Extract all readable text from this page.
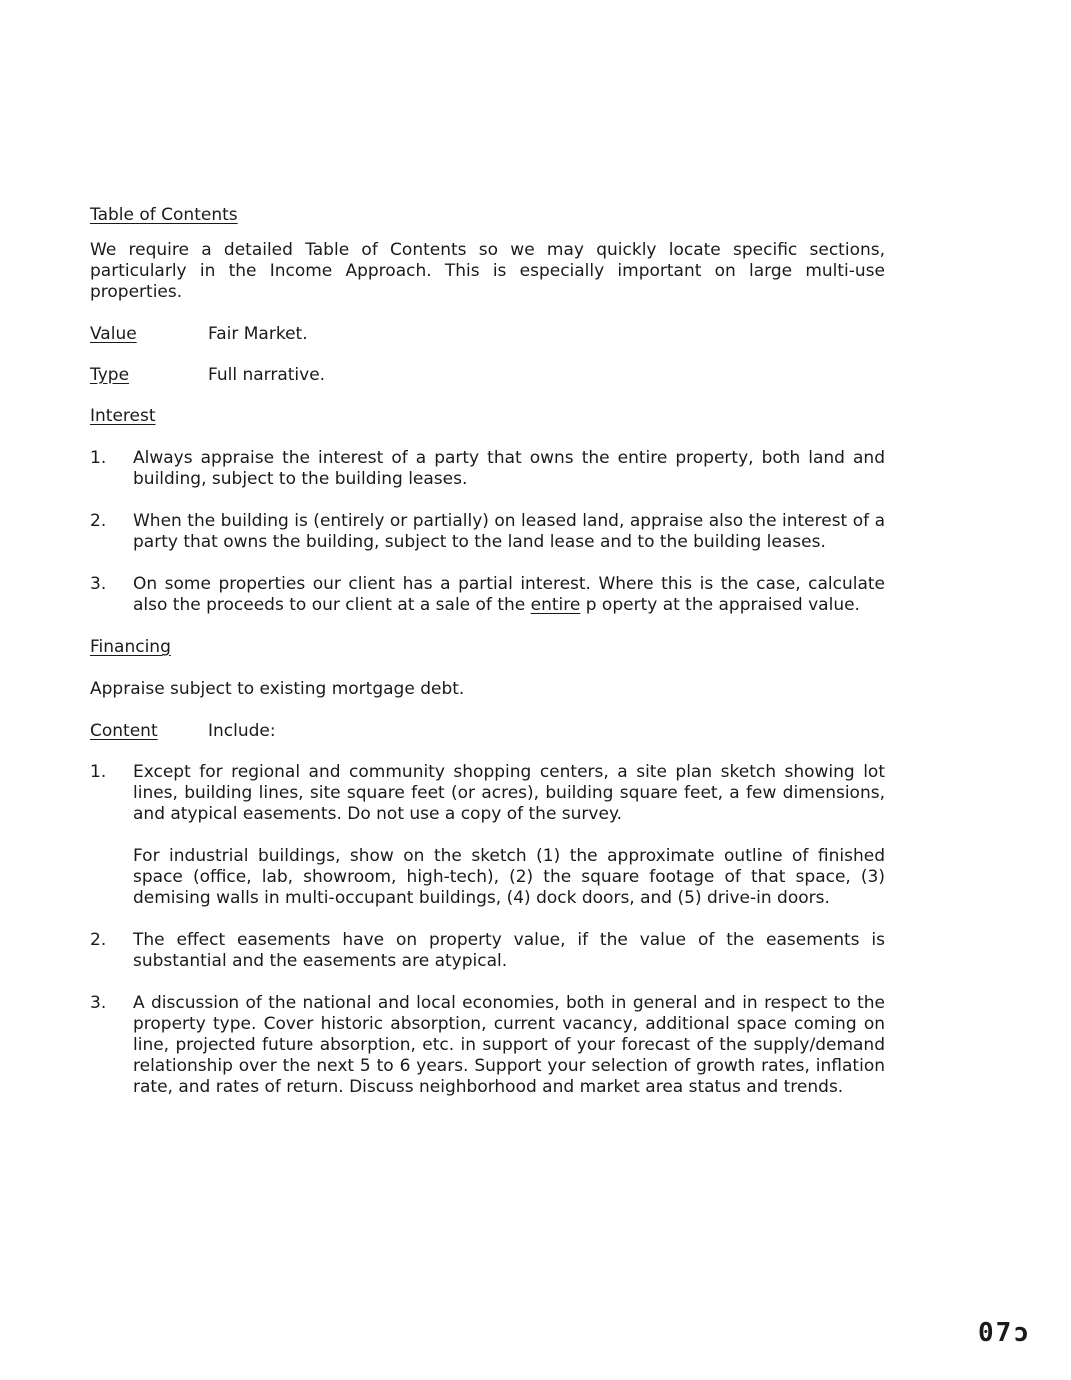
Table of Contents

We require a detailed Table of Contents so we may quickly locate specific sections, particularly in the Income Approach. This is especially important on large multi-use properties.

Value	Fair Market.
Type	Full narrative.
Interest
1.	Always appraise the interest of a party that owns the entire property, both land and building, subject to the building leases.
2.	When the building is (entirely or partially) on leased land, appraise also the interest of a party that owns the building, subject to the land lease and to the building leases.
3.	On some properties our client has a partial interest. Where this is the case, calculate also the proceeds to our client at a sale of the entire p operty at the appraised value.
Financing

Appraise subject to existing mortgage debt.

Content	Include:
1.	Except for regional and community shopping centers, a site plan sketch showing lot lines, building lines, site square feet (or acres), building square feet, a few dimensions, and atypical easements. Do not use a copy of the survey.

For industrial buildings, show on the sketch (1) the approximate outline of finished space (office, lab, showroom, high-tech), (2) the square footage of that space, (3) demising walls in multi-occupant buildings, (4) dock doors, and (5) drive-in doors.

2.	The effect easements have on property value, if the value of the easements is substantial and the easements are atypical.
3.	A discussion of the national and local economies, both in general and in respect to the property type. Cover historic absorption, current vacancy, additional space coming on line, projected future absorption, etc. in support of your forecast of the supply/demand relationship over the next 5 to 6 years. Support your selection of growth rates, inflation rate, and rates of return. Discuss neighborhood and market area status and trends.
07ɔ
